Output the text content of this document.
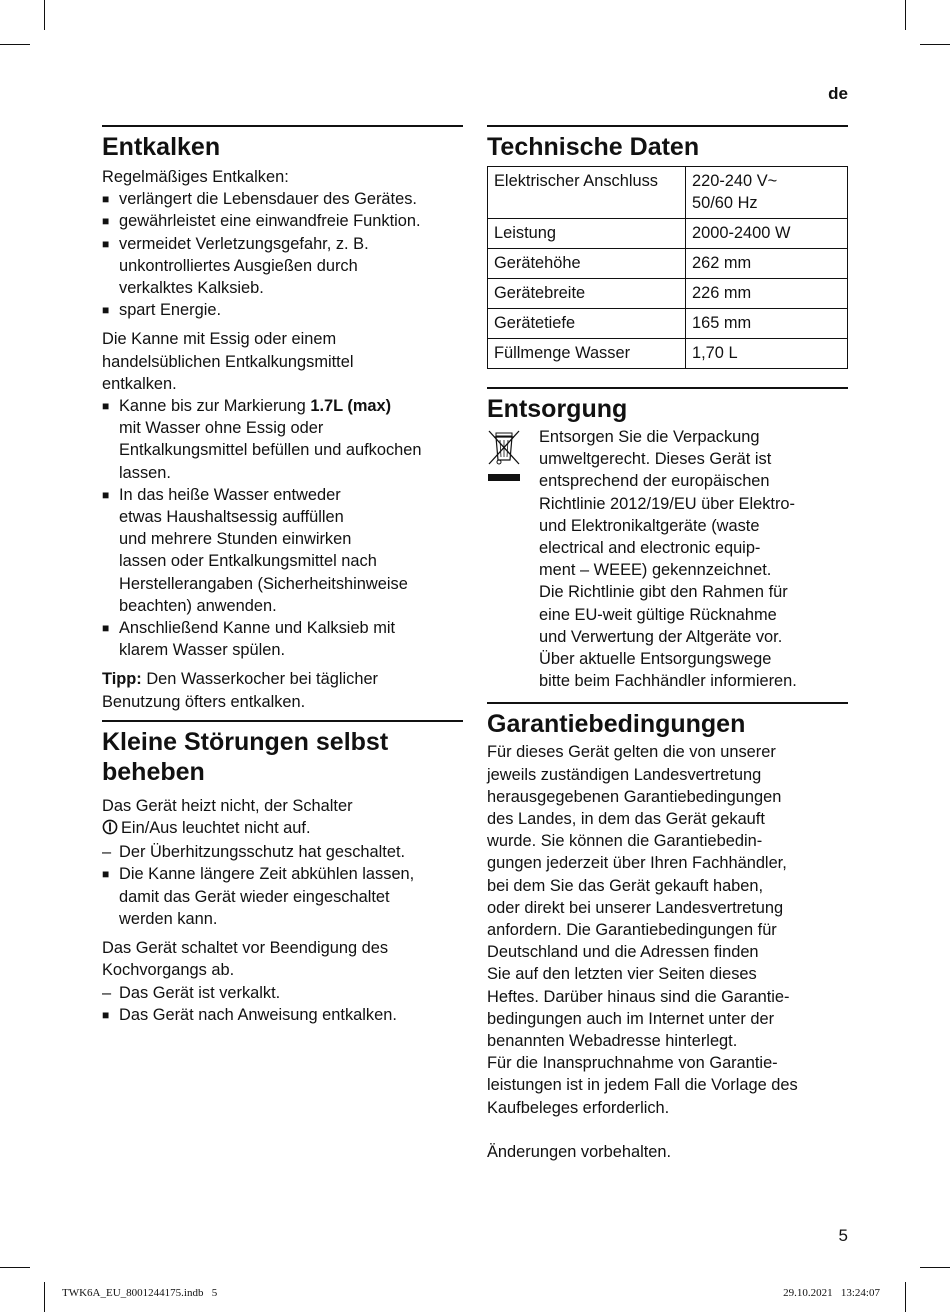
de
Entkalken

Regelmäßiges Entkalken:

■ verlängert die Lebensdauer des Gerätes.
■ gewährleistet eine einwandfreie Funktion.
■ vermeidet Verletzungsgefahr, z. B.
unkontrolliertes Ausgießen durch
verkalktes Kalksieb.
■ spart Energie.

Die Kanne mit Essig oder einem
handelsüblichen Entkalkungsmittel
entkalken.

■ Kanne bis zur Markierung 1.7L (max)
mit Wasser ohne Essig oder
Entkalkungsmittel befüllen und aufkochen
lassen.
■ In das heiße Wasser entweder
etwas Haushaltsessig auffüllen
und mehrere Stunden einwirken
lassen oder Entkalkungsmittel nach
Herstellerangaben (Sicherheitshinweise
beachten) anwenden.
■ Anschließend Kanne und Kalksieb mit
klarem Wasser spülen.

Tipp: Den Wasserkocher bei täglicher
Benutzung öfters entkalken.

Kleine Störungen selbst
beheben

Das Gerät heizt nicht, der Schalter

Ein/Aus leuchtet nicht auf.

– Der Überhitzungsschutz hat geschaltet.
■ Die Kanne längere Zeit abkühlen lassen,
damit das Gerät wieder eingeschaltet
werden kann.

Das Gerät schaltet vor Beendigung des
Kochvorgangs ab.

– Das Gerät ist verkalkt.
■ Das Gerät nach Anweisung entkalken.
Technische Daten
Elektrischer Anschluss	220-240 V~
50/60 Hz
Leistung	2000-2400 W
Gerätehöhe	262 mm
Gerätebreite	226 mm
Gerätetiefe	165 mm
Füllmenge Wasser	1,70 L
Entsorgung

Entsorgen Sie die Verpackung
umweltgerecht. Dieses Gerät ist
entsprechend der europäischen
Richtlinie 2012/19/EU über Elektro-
und Elektronikaltgeräte (waste
electrical and electronic equip-
ment – WEEE) gekennzeichnet.
Die Richtlinie gibt den Rahmen für
eine EU-weit gültige Rücknahme
und Verwertung der Altgeräte vor.
Über aktuelle Entsorgungswege
bitte beim Fachhändler informieren.

Garantiebedingungen

Für dieses Gerät gelten die von unserer
jeweils zuständigen Landesvertretung
herausgegebenen Garantiebedingungen
des Landes, in dem das Gerät gekauft
wurde. Sie können die Garantiebedin-
gungen jederzeit über Ihren Fachhändler,
bei dem Sie das Gerät gekauft haben,
oder direkt bei unserer Landesvertretung
anfordern. Die Garantiebedingungen für
Deutschland und die Adressen finden
Sie auf den letzten vier Seiten dieses
Heftes. Darüber hinaus sind die Garantie-
bedingungen auch im Internet unter der
benannten Webadresse hinterlegt.
Für die Inanspruchnahme von Garantie-
leistungen ist in jedem Fall die Vorlage des
Kaufbeleges erforderlich.

Änderungen vorbehalten.

5
TWK6A_EU_8001244175.indb   5	29.10.2021   13:24:07
